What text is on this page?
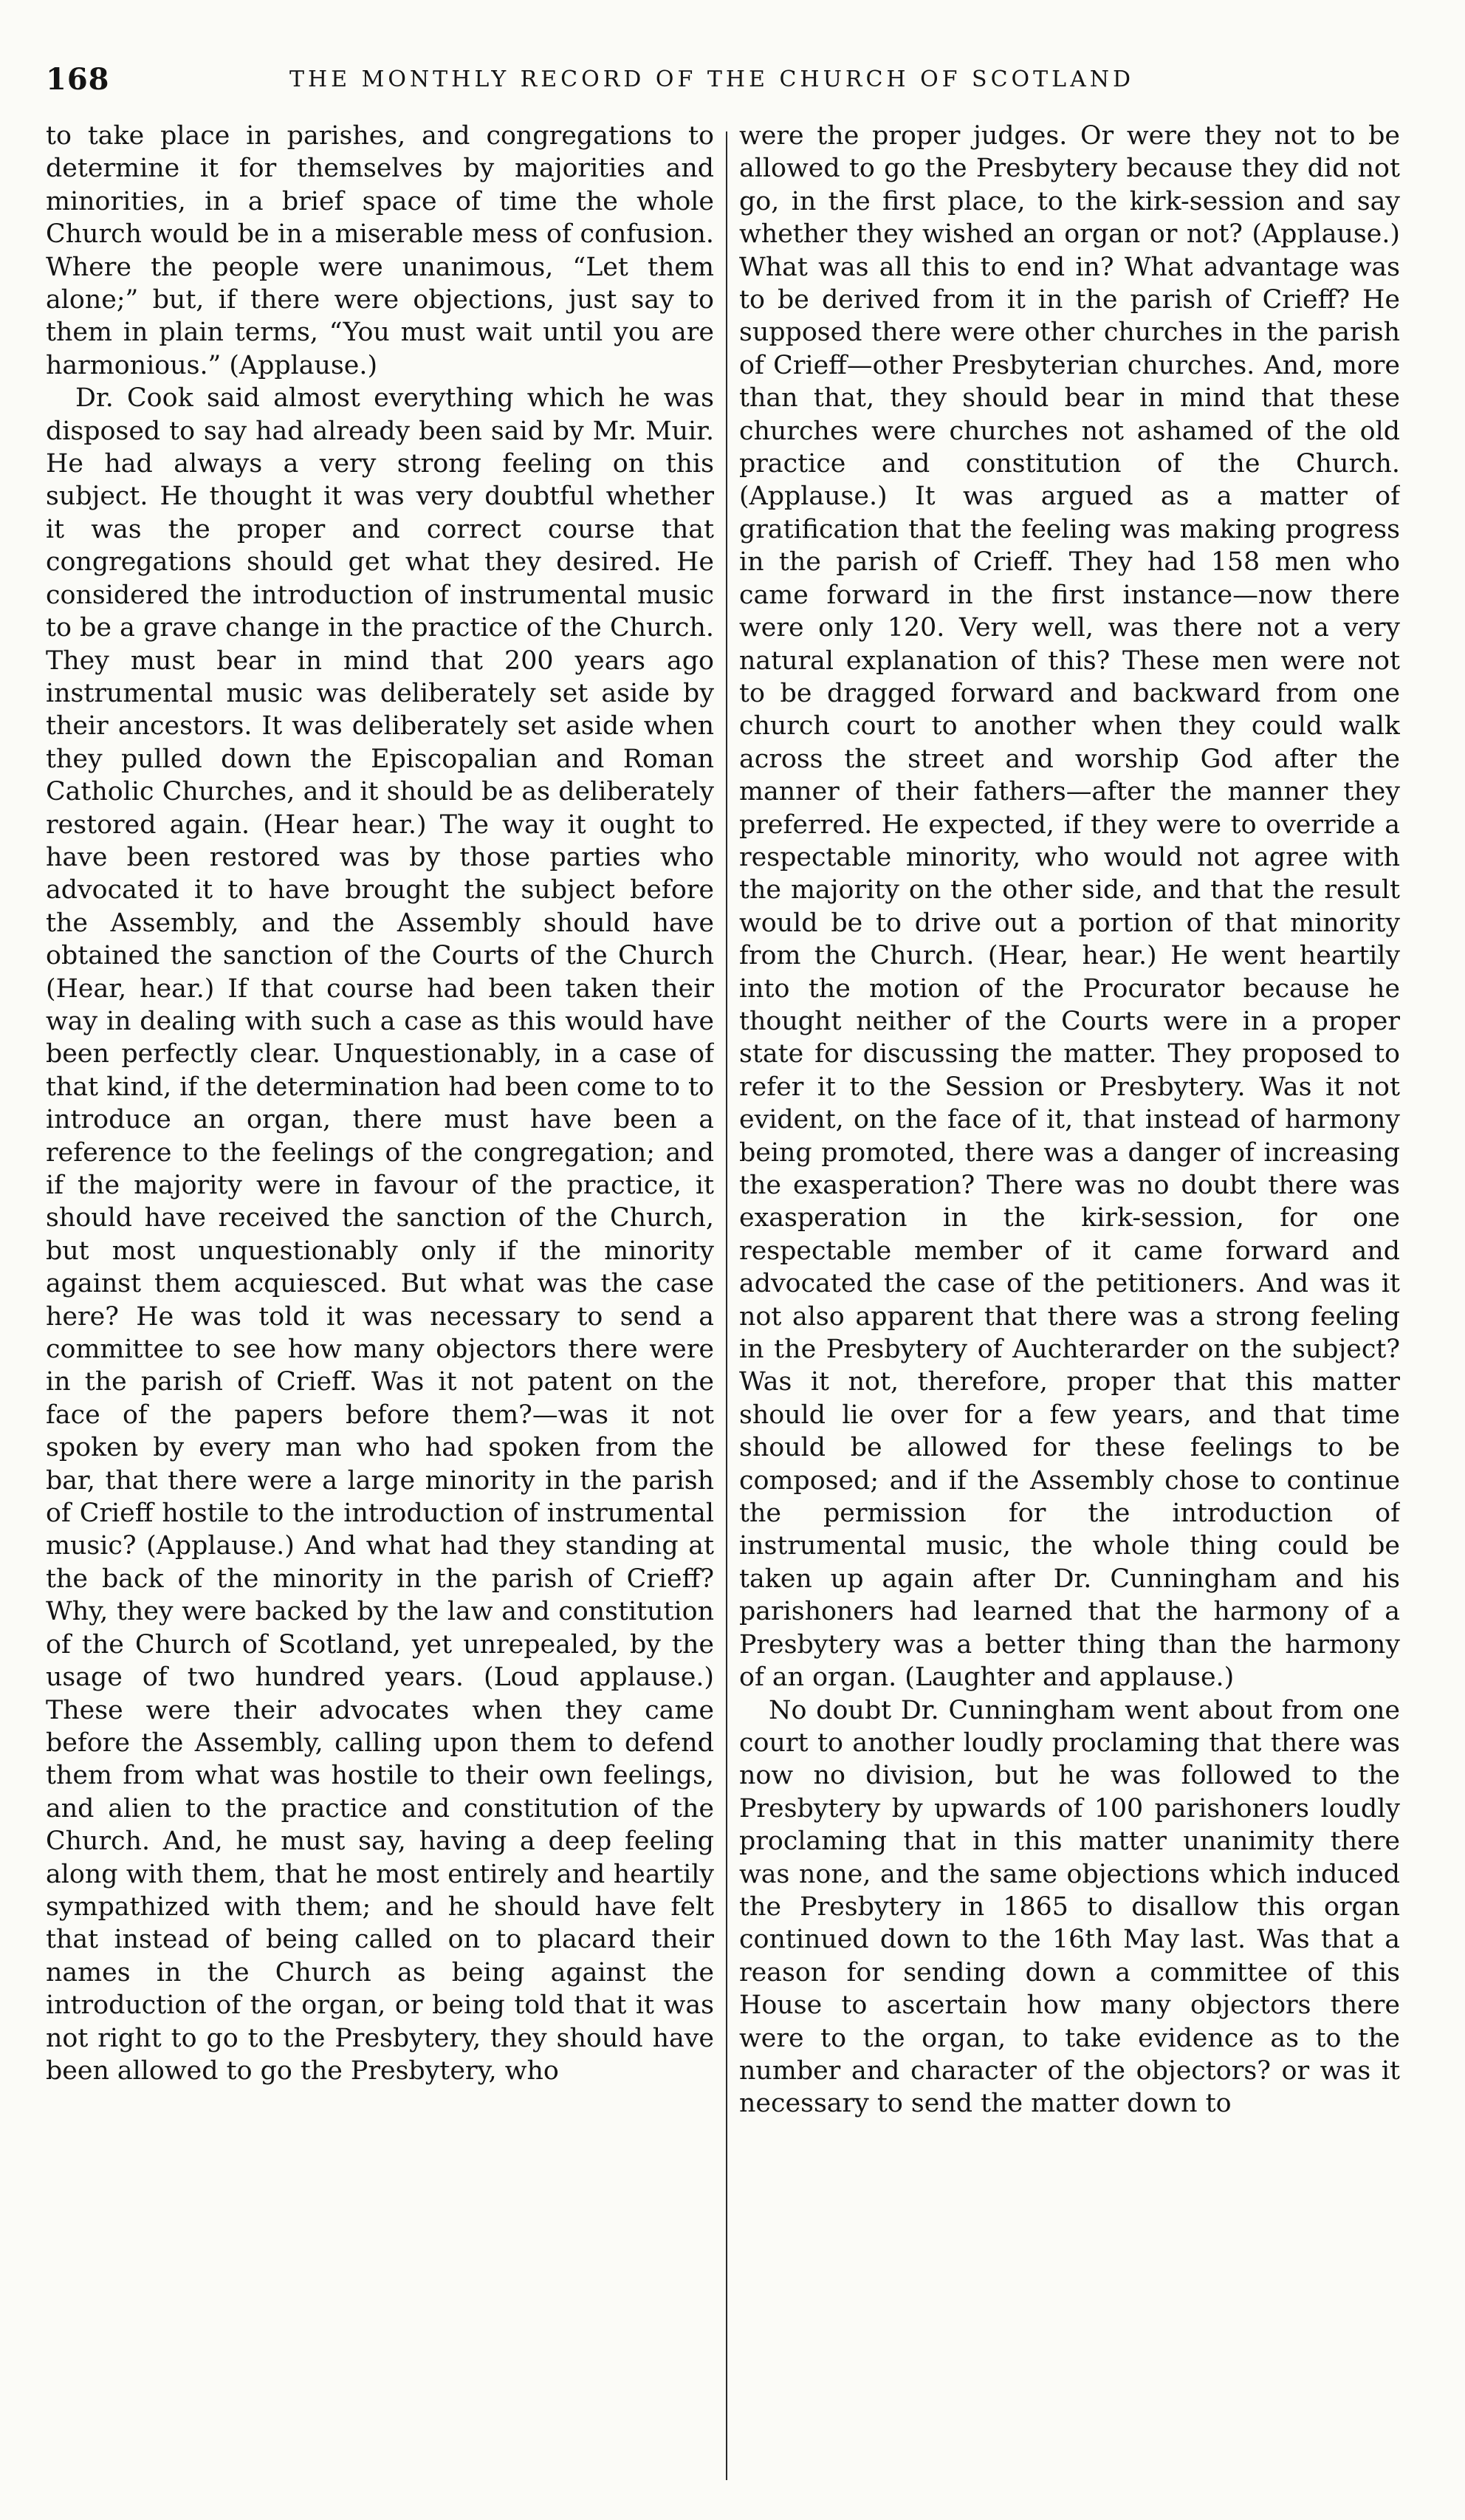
168	THE MONTHLY RECORD OF THE CHURCH OF SCOTLAND

to take place in parishes, and congregations to determine it for themselves by majorities and minorities, in a brief space of time the whole Church would be in a miserable mess of confusion. Where the people were unanimous, “Let them alone;” but, if there were objections, just say to them in plain terms, “You must wait until you are harmonious.” (Applause.)

Dr. Cook said almost everything which he was disposed to say had already been said by Mr. Muir. He had always a very strong feeling on this subject. He thought it was very doubtful whether it was the proper and correct course that congregations should get what they desired. He considered the introduction of instrumental music to be a grave change in the practice of the Church. They must bear in mind that 200 years ago instrumental music was deliberately set aside by their ancestors. It was deliberately set aside when they pulled down the Episcopalian and Roman Catholic Churches, and it should be as deliberately restored again. (Hear hear.) The way it ought to have been restored was by those parties who advocated it to have brought the subject before the Assembly, and the Assembly should have obtained the sanction of the Courts of the Church (Hear, hear.) If that course had been taken their way in dealing with such a case as this would have been perfectly clear. Unquestionably, in a case of that kind, if the determination had been come to to introduce an organ, there must have been a reference to the feelings of the congregation; and if the majority were in favour of the practice, it should have received the sanction of the Church, but most unquestionably only if the minority against them acquiesced. But what was the case here? He was told it was necessary to send a committee to see how many objectors there were in the parish of Crieff. Was it not patent on the face of the papers before them?—was it not spoken by every man who had spoken from the bar, that there were a large minority in the parish of Crieff hostile to the introduction of instrumental music? (Applause.) And what had they standing at the back of the minority in the parish of Crieff? Why, they were backed by the law and constitution of the Church of Scotland, yet unrepealed, by the usage of two hundred years. (Loud applause.) These were their advocates when they came before the Assembly, calling upon them to defend them from what was hostile to their own feelings, and alien to the practice and constitution of the Church. And, he must say, having a deep feeling along with them, that he most entirely and heartily sympathized with them; and he should have felt that instead of being called on to placard their names in the Church as being against the introduction of the organ, or being told that it was not right to go to the Presbytery, they should have been allowed to go the Presbytery, who

were the proper judges. Or were they not to be allowed to go the Presbytery because they did not go, in the first place, to the kirk-session and say whether they wished an organ or not? (Applause.) What was all this to end in? What advantage was to be derived from it in the parish of Crieff? He supposed there were other churches in the parish of Crieff—other Presbyterian churches. And, more than that, they should bear in mind that these churches were churches not ashamed of the old practice and constitution of the Church. (Applause.) It was argued as a matter of gratification that the feeling was making progress in the parish of Crieff. They had 158 men who came forward in the first instance—now there were only 120. Very well, was there not a very natural explanation of this? These men were not to be dragged forward and backward from one church court to another when they could walk across the street and worship God after the manner of their fathers—after the manner they preferred. He expected, if they were to override a respectable minority, who would not agree with the majority on the other side, and that the result would be to drive out a portion of that minority from the Church. (Hear, hear.) He went heartily into the motion of the Procurator because he thought neither of the Courts were in a proper state for discussing the matter. They proposed to refer it to the Session or Presbytery. Was it not evident, on the face of it, that instead of harmony being promoted, there was a danger of increasing the exasperation? There was no doubt there was exasperation in the kirk-session, for one respectable member of it came forward and advocated the case of the petitioners. And was it not also apparent that there was a strong feeling in the Presbytery of Auchterarder on the subject? Was it not, therefore, proper that this matter should lie over for a few years, and that time should be allowed for these feelings to be composed; and if the Assembly chose to continue the permission for the introduction of instrumental music, the whole thing could be taken up again after Dr. Cunningham and his parishoners had learned that the harmony of a Presbytery was a better thing than the harmony of an organ. (Laughter and applause.)

No doubt Dr. Cunningham went about from one court to another loudly proclaming that there was now no division, but he was followed to the Presbytery by upwards of 100 parishoners loudly proclaming that in this matter unanimity there was none, and the same objections which induced the Presbytery in 1865 to disallow this organ continued down to the 16th May last. Was that a reason for sending down a committee of this House to ascertain how many objectors there were to the organ, to take evidence as to the number and character of the objectors? or was it necessary to send the matter down to
